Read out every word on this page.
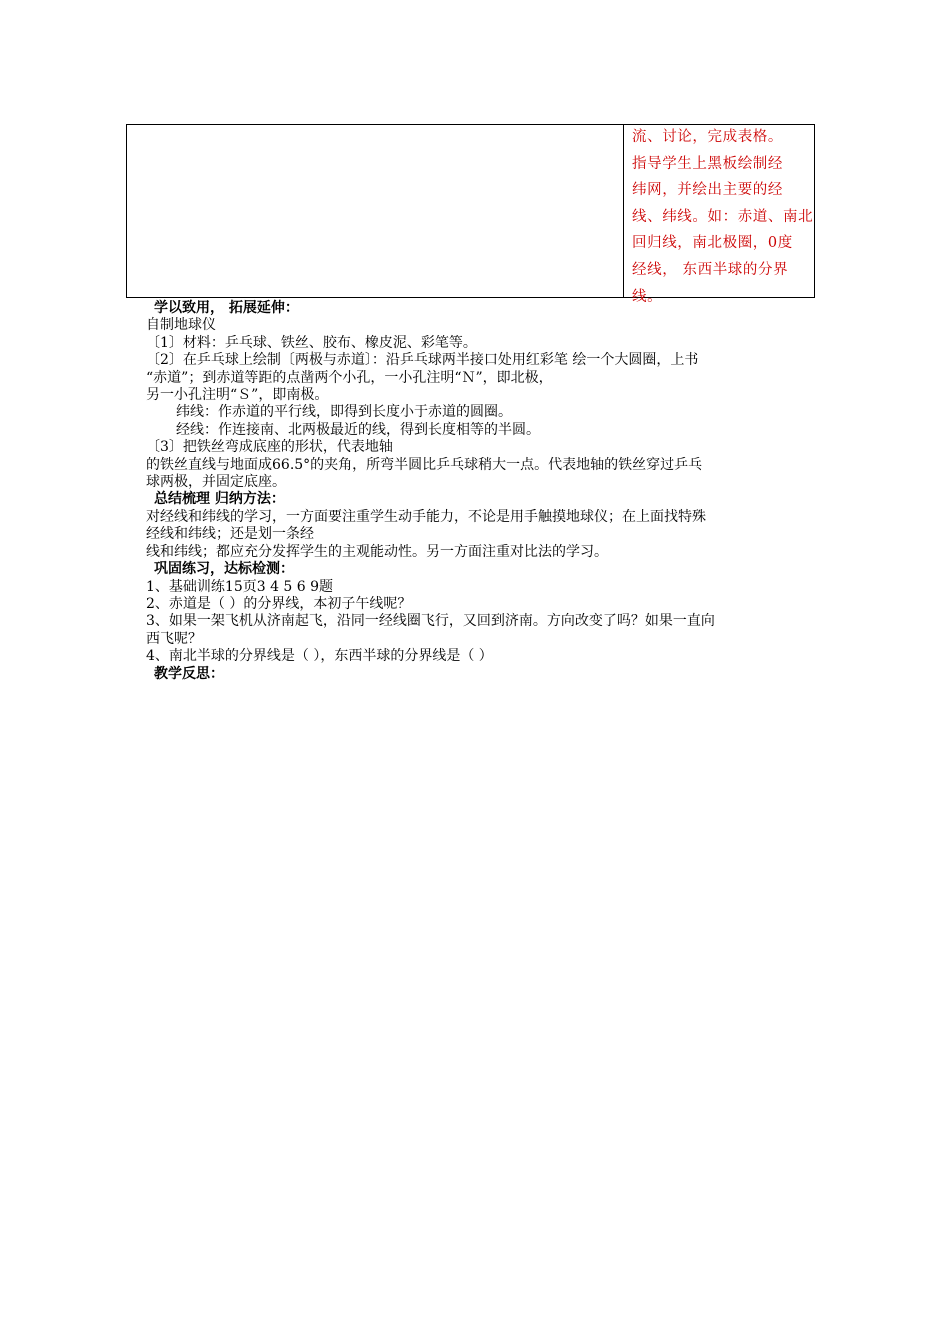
流、讨论，完成表格。
指导学生上黑板绘制经
纬网，并绘出主要的经
线、纬线。如：赤道、南北
回归线，南北极圈，0度
经线， 东西半球的分界
线。
学以致用， 拓展延伸：
自制地球仪
〔1〕材料：乒乓球、铁丝、胶布、橡皮泥、彩笔等。
〔2〕在乒乓球上绘制〔两极与赤道〕：沿乒乓球两半接口处用红彩笔 绘一个大圆圈，上书
“赤道”；到赤道等距的点凿两个小孔，一小孔注明“Ｎ”，即北极，
另一小孔注明“Ｓ”，即南极。
纬线：作赤道的平行线，即得到长度小于赤道的圆圈。
经线：作连接南、北两极最近的线，得到长度相等的半圆。
〔3〕把铁丝弯成底座的形状，代表地轴
的铁丝直线与地面成66.5°的夹角，所弯半圆比乒乓球稍大一点。代表地轴的铁丝穿过乒乓
球两极，并固定底座。
总结梳理 归纳方法：
对经线和纬线的学习，一方面要注重学生动手能力，不论是用手触摸地球仪；在上面找特殊
经线和纬线；还是划一条经
线和纬线；都应充分发挥学生的主观能动性。另一方面注重对比法的学习。
巩固练习，达标检测：
1、基础训练15页3 4 5 6 9题
2、赤道是（ ）的分界线，本初子午线呢？
3、如果一架飞机从济南起飞，沿同一经线圈飞行，又回到济南。方向改变了吗？如果一直向
西飞呢？
4、南北半球的分界线是（ ），东西半球的分界线是（ ）
教学反思：
